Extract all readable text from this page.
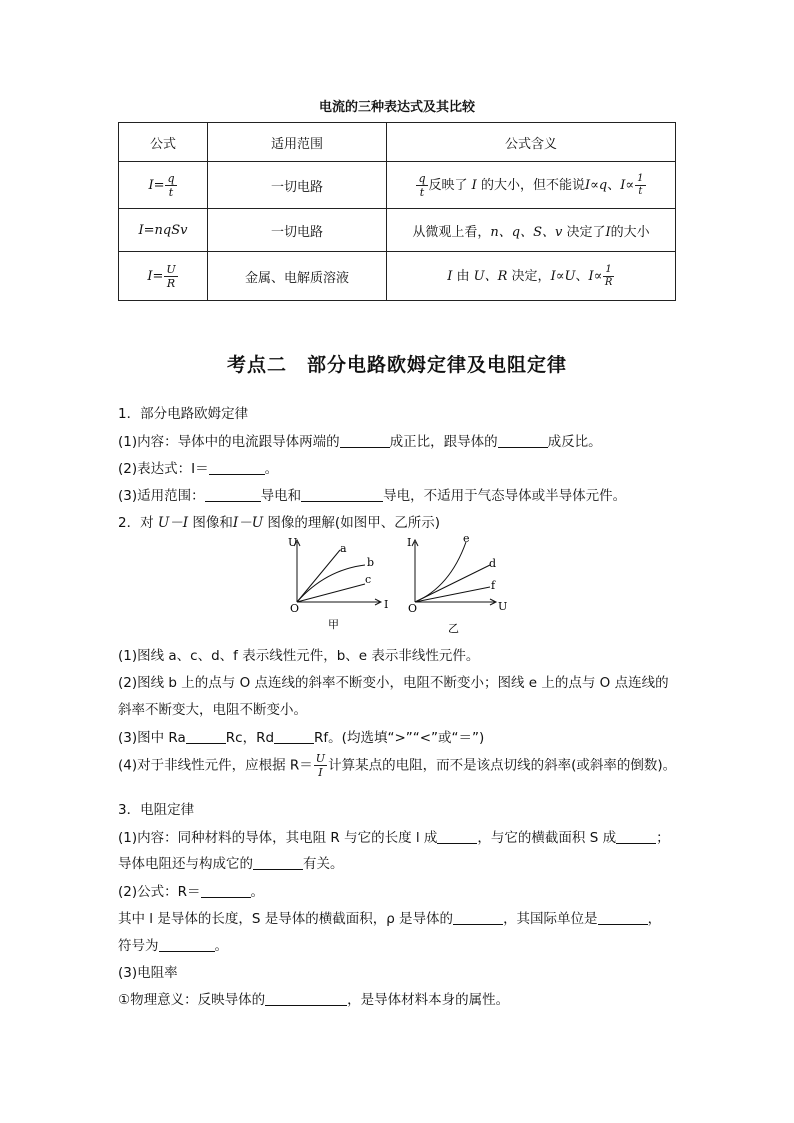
电流的三种表达式及其比较
公式	适用范围	公式含义
$I= \frac{q}{t}$	一切电路	$\frac{q}{t}$ 反映了 I 的大小，但不能说I∝q、$I\propto \frac{1}{t}$

I=nqSv	一切电路	从微观上看，n、q、S、v 决定了I的大小
$I= \frac{U}{R}$	金属、电解质溶液	I 由 U、R 决定，I∝U、$I\propto \frac{1}{R}$
考点二　部分电路欧姆定律及电阻定律
1．部分电路欧姆定律
(1)内容：导体中的电流跟导体两端的	成正比，跟导体的	成反比。
(2)表达式：I＝	。
(3)适用范围：	导电和	导电，不适用于气态导体或半导体元件。
2．对 U－I 图像和I－U 图像的理解(如图甲、乙所示)
U
I
O
a
b
c
甲
I
U
O
e
d
f
乙
(1)图线 a、c、d、f 表示线性元件，b、e 表示非线性元件。
(2)图线 b 上的点与 O 点连线的斜率不断变小，电阻不断变小；图线 e 上的点与 O 点连线的
斜率不断变大，电阻不断变小。
(3)图中 Ra	Rc，Rd	Rf。(均选填“>”“<”或“＝”)
(4)对于非线性元件，应根据 $R= \frac{U}{I}$ 计算某点的电阻，而不是该点切线的斜率(或斜率的倒数)。
3．电阻定律
(1)内容：同种材料的导体，其电阻 R 与它的长度 l 成	，与它的横截面积 S 成	；
导体电阻还与构成它的	有关。
(2)公式：R＝	。
其中 l 是导体的长度，S 是导体的横截面积，ρ 是导体的	，其国际单位是	，
符号为	。
(3)电阻率
①物理意义：反映导体的	，是导体材料本身的属性。
